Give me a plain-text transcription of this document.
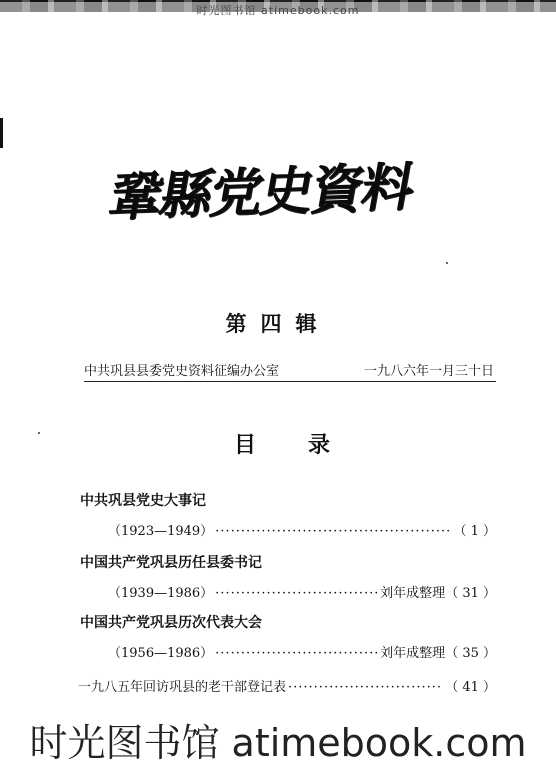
时光图书馆 atimebook.com
鞏縣党史資料
第四辑
中共巩县县委党史资料征编办公室	一九八六年一月三十日
目录
中共巩县党史大事记
（1923—1949） ·····	（ 1 ）
中国共产党巩县历任县委书记
（1939—1986） ·····	刘年成整理 （ 31 ）
中国共产党巩县历次代表大会
（1956—1986） ·····	刘年成整理 （ 35 ）
一九八五年回访巩县的老干部登记表 ·····	（ 41 ）
时光图书馆 atimebook.com
